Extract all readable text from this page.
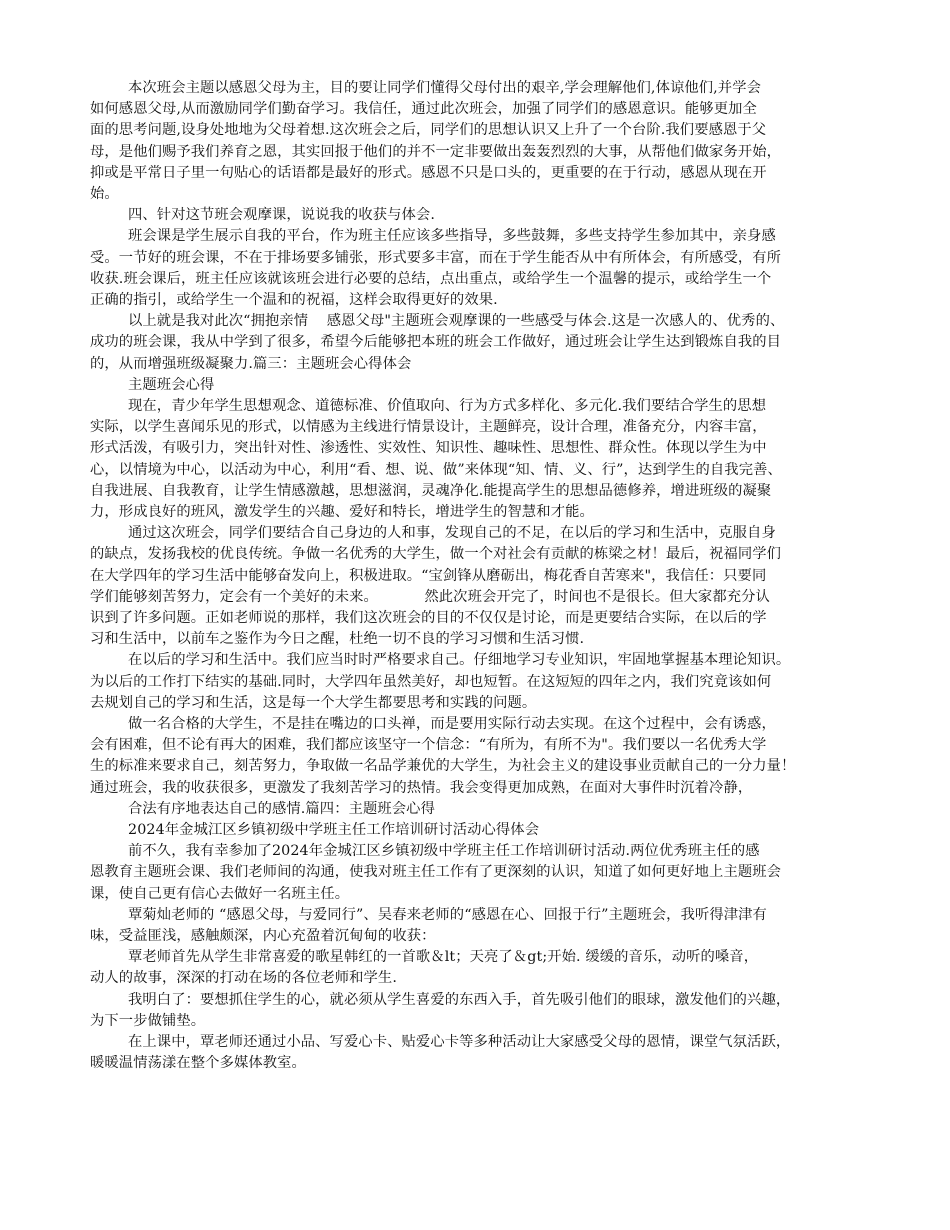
本次班会主题以感恩父母为主，目的要让同学们懂得父母付出的艰辛,学会理解他们,体谅他们,并学会
如何感恩父母,从而激励同学们勤奋学习。我信任，通过此次班会，加强了同学们的感恩意识。能够更加全
面的思考问题,设身处地地为父母着想.这次班会之后，同学们的思想认识又上升了一个台阶.我们要感恩于父
母，是他们赐予我们养育之恩，其实回报于他们的并不一定非要做出轰轰烈烈的大事，从帮他们做家务开始，
抑或是平常日子里一句贴心的话语都是最好的形式。感恩不只是口头的，更重要的在于行动，感恩从现在开
始。
四、针对这节班会观摩课，说说我的收获与体会.
班会课是学生展示自我的平台，作为班主任应该多些指导，多些鼓舞，多些支持学生参加其中，亲身感
受。一节好的班会课，不在于排场要多铺张，形式要多丰富，而在于学生能否从中有所体会，有所感受，有所
收获.班会课后，班主任应该就该班会进行必要的总结，点出重点，或给学生一个温馨的提示，或给学生一个
正确的指引，或给学生一个温和的祝福，这样会取得更好的效果.
以上就是我对此次“拥抱亲情    感恩父母"主题班会观摩课的一些感受与体会.这是一次感人的、优秀的、
成功的班会课，我从中学到了很多，希望今后能够把本班的班会工作做好，通过班会让学生达到锻炼自我的目
的，从而增强班级凝聚力.篇三：主题班会心得体会
主题班会心得
现在，青少年学生思想观念、道德标准、价值取向、行为方式多样化、多元化.我们要结合学生的思想
实际，以学生喜闻乐见的形式，以情感为主线进行情景设计，主题鲜亮，设计合理，准备充分，内容丰富，
形式活泼，有吸引力，突出针对性、渗透性、实效性、知识性、趣味性、思想性、群众性。体现以学生为中
心，以情境为中心，以活动为中心，利用“看、想、说、做”来体现“知、情、义、行”，达到学生的自我完善、
自我进展、自我教育，让学生情感激越，思想滋润，灵魂净化.能提高学生的思想品德修养，增进班级的凝聚
力，形成良好的班风，激发学生的兴趣、爱好和特长，增进学生的智慧和才能。
通过这次班会，同学们要结合自己身边的人和事，发现自己的不足，在以后的学习和生活中，克服自身
的缺点，发扬我校的优良传统。争做一名优秀的大学生，做一个对社会有贡献的栋梁之材！最后，祝福同学们
在大学四年的学习生活中能够奋发向上，积极进取。“宝剑锋从磨砺出，梅花香自苦寒来"，我信任：只要同
学们能够刻苦努力，定会有一个美好的未来。          然此次班会开完了，时间也不是很长。但大家都充分认
识到了许多问题。正如老师说的那样，我们这次班会的目的不仅仅是讨论，而是更要结合实际，在以后的学
习和生活中，以前车之鉴作为今日之醒，杜绝一切不良的学习习惯和生活习惯.
在以后的学习和生活中。我们应当时时严格要求自己。仔细地学习专业知识，牢固地掌握基本理论知识。
为以后的工作打下结实的基础.同时，大学四年虽然美好，却也短暂。在这短短的四年之内，我们究竟该如何
去规划自己的学习和生活，这是每一个大学生都要思考和实践的问题。
做一名合格的大学生，不是挂在嘴边的口头禅，而是要用实际行动去实现。在这个过程中，会有诱惑，
会有困难，但不论有再大的困难，我们都应该坚守一个信念：“有所为，有所不为"。我们要以一名优秀大学
生的标准来要求自己，刻苦努力，争取做一名品学兼优的大学生，为社会主义的建设事业贡献自己的一分力量！
通过班会，我的收获很多，更激发了我刻苦学习的热情。我会变得更加成熟，在面对大事件时沉着冷静，
合法有序地表达自己的感情.篇四：主题班会心得
2024年金城江区乡镇初级中学班主任工作培训研讨活动心得体会
前不久，我有幸参加了2024年金城江区乡镇初级中学班主任工作培训研讨活动.两位优秀班主任的感
恩教育主题班会课、我们老师间的沟通，使我对班主任工作有了更深刻的认识，知道了如何更好地上主题班会
课，使自己更有信心去做好一名班主任。
覃菊灿老师的 “感恩父母，与爱同行”、吴春来老师的“感恩在心、回报于行”主题班会，我听得津津有
味，受益匪浅，感触颇深，内心充盈着沉甸甸的收获：
覃老师首先从学生非常喜爱的歌星韩红的一首歌＆lt；天亮了＆gt;开始. 缓缓的音乐，动听的嗓音，
动人的故事，深深的打动在场的各位老师和学生.
我明白了：要想抓住学生的心，就必须从学生喜爱的东西入手，首先吸引他们的眼球，激发他们的兴趣，
为下一步做铺垫。
在上课中，覃老师还通过小品、写爱心卡、贴爱心卡等多种活动让大家感受父母的恩情，课堂气氛活跃，
暖暖温情荡漾在整个多媒体教室。
